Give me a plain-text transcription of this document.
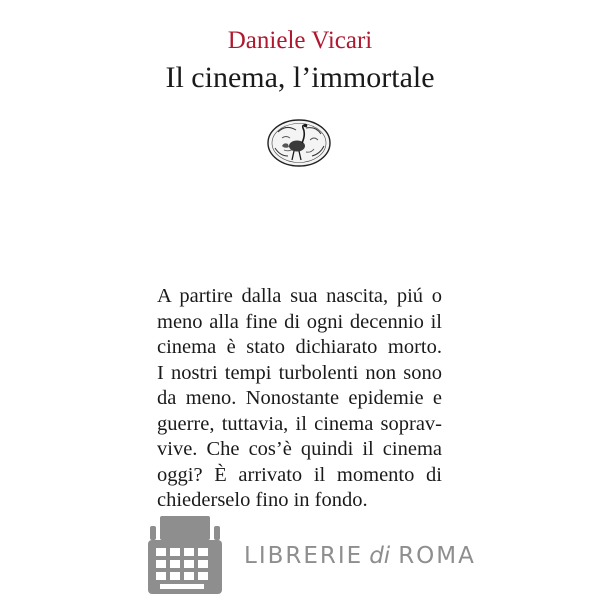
Daniele Vicari
Il cinema, l’immortale
A partire dalla sua nascita, piú o
meno alla fine di ogni decennio il
cinema è stato dichiarato morto.
I nostri tempi turbolenti non sono
da meno. Nonostante epidemie e
guerre, tuttavia, il cinema soprav-
vive. Che cos’è quindi il cinema
oggi? È arrivato il momento di
chiederselo fino in fondo.
LIBRERIE di ROMA
